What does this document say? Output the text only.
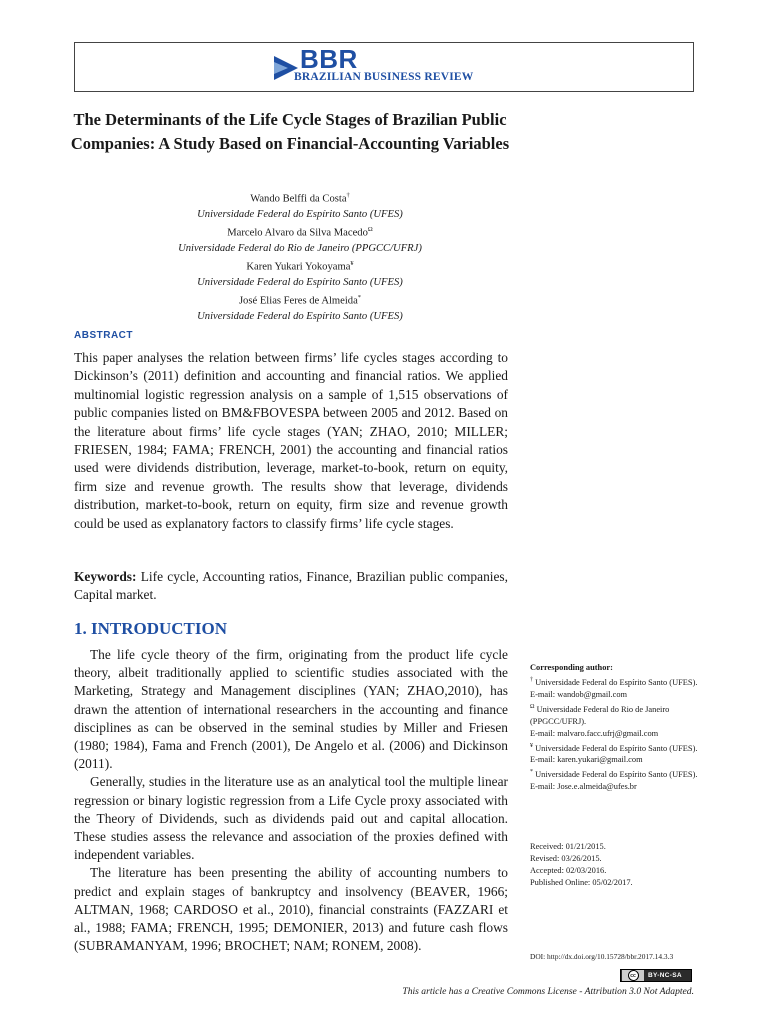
BBR
BRAZILIAN BUSINESS REVIEW
The Determinants of the Life Cycle Stages of Brazilian Public Companies: A Study Based on Financial-Accounting Variables
Wando Belffi da Costa†
Universidade Federal do Espírito Santo (UFES)
Marcelo Alvaro da Silva Macedo$^\Omega$
Universidade Federal do Rio de Janeiro (PPGCC/UFRJ)
Karen Yukari Yokoyama¥
Universidade Federal do Espírito Santo (UFES)
José Elias Feres de Almeida*
Universidade Federal do Espírito Santo (UFES)
ABSTRACT

This paper analyses the relation between firms’ life cycles stages according to Dickinson’s (2011) definition and accounting and financial ratios. We applied multinomial logistic regression analysis on a sample of 1,515 observations of public companies listed on BM&FBOVESPA between 2005 and 2012. Based on the literature about firms’ life cycle stages (YAN; ZHAO, 2010; MILLER; FRIESEN, 1984; FAMA; FRENCH, 2001) the accounting and financial ratios used were dividends distribution, leverage, market-to-book, return on equity, firm size and revenue growth. The results show that leverage, dividends distribution, market-to-book, return on equity, firm size and revenue growth could be used as explanatory factors to classify firms’ life cycle stages.

Keywords: Life cycle, Accounting ratios, Finance, Brazilian public companies, Capital market.

1. INTRODUCTION

The life cycle theory of the firm, originating from the product life cycle theory, albeit traditionally applied to scientific studies associated with the Marketing, Strategy and Management disciplines (YAN; ZHAO,2010), has drawn the attention of international researchers in the accounting and finance disciplines as can be observed in the seminal studies by Miller and Friesen (1980; 1984), Fama and French (2001), De Angelo et al. (2006) and Dickinson (2011).

Generally, studies in the literature use as an analytical tool the multiple linear regression or binary logistic regression from a Life Cycle proxy associated with the Theory of Dividends, such as dividends paid out and capital allocation. These studies assess the relevance and association of the proxies defined with independent variables.

The literature has been presenting the ability of accounting numbers to predict and explain stages of bankruptcy and insolvency (BEAVER, 1966; ALTMAN, 1968; CARDOSO et al., 2010), financial constraints (FAZZARI et al., 1988; FAMA; FRENCH, 1995; DEMONIER, 2013) and future cash flows (SUBRAMANYAM, 1996; BROCHET; NAM; RONEM, 2008).

Corresponding author:
† Universidade Federal do Espírito Santo (UFES).
E-mail: wandob@gmail.com
$^\Omega$ Universidade Federal do Rio de Janeiro (PPGCC/UFRJ).
E-mail: malvaro.facc.ufrj@gmail.com
¥ Universidade Federal do Espírito Santo (UFES).
E-mail: karen.yukari@gmail.com
* Universidade Federal do Espírito Santo (UFES).
E-mail: Jose.e.almeida@ufes.br
Received: 01/21/2015.
Revised: 03/26/2015.
Accepted: 02/03/2016.
Published Online: 05/02/2017.
DOI: http://dx.doi.org/10.15728/bbr.2017.14.3.3
cc	BY-NC-SA
This article has a Creative Commons License - Attribution 3.0 Not Adapted.
